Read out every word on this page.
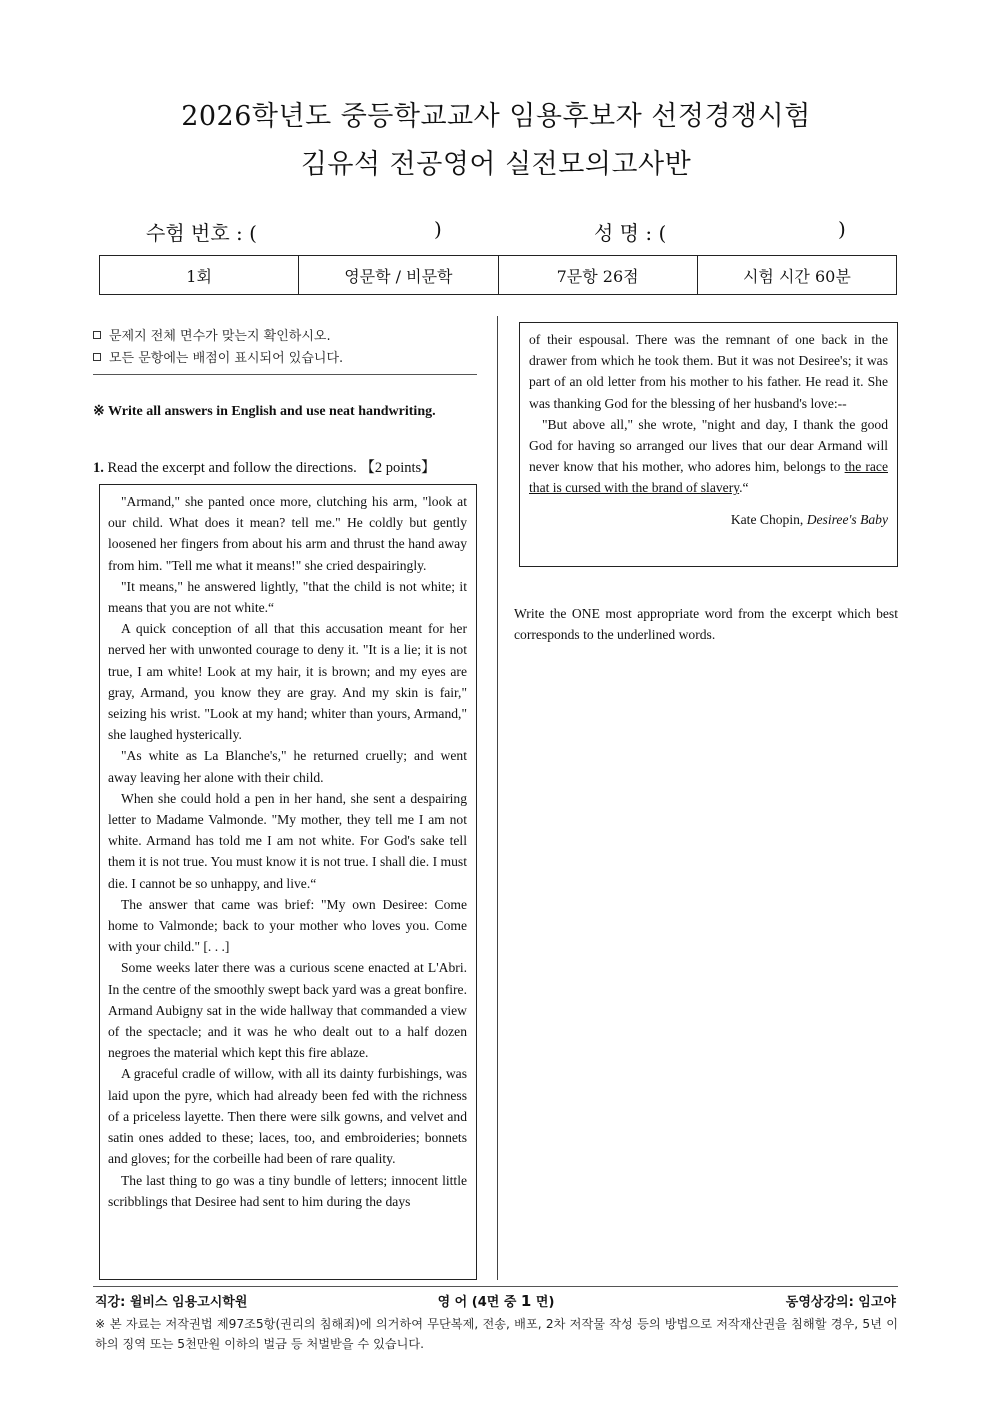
2026학년도 중등학교교사 임용후보자 선정경쟁시험
김유석 전공영어 실전모의고사반
수험 번호 : (	)	성 명 : (	)
1회	영문학 / 비문학	7문항 26점	시험 시간 60분
문제지 전체 면수가 맞는지 확인하시오.
모든 문항에는 배점이 표시되어 있습니다.
※ Write all answers in English and use neat handwriting.
1. Read the excerpt and follow the directions. 【2 points】

"Armand," she panted once more, clutching his arm, "look at our child. What does it mean? tell me." He coldly but gently loosened her fingers from about his arm and thrust the hand away from him. "Tell me what it means!" she cried despairingly.

"It means," he answered lightly, "that the child is not white; it means that you are not white.“

A quick conception of all that this accusation meant for her nerved her with unwonted courage to deny it. "It is a lie; it is not true, I am white! Look at my hair, it is brown; and my eyes are gray, Armand, you know they are gray. And my skin is fair," seizing his wrist. "Look at my hand; whiter than yours, Armand," she laughed hysterically.

"As white as La Blanche's," he returned cruelly; and went away leaving her alone with their child.

When she could hold a pen in her hand, she sent a despairing letter to Madame Valmonde. "My mother, they tell me I am not white. Armand has told me I am not white. For God's sake tell them it is not true. You must know it is not true. I shall die. I must die. I cannot be so unhappy, and live.“

The answer that came was brief: "My own Desiree: Come home to Valmonde; back to your mother who loves you. Come with your child." [. . .]

Some weeks later there was a curious scene enacted at L'Abri. In the centre of the smoothly swept back yard was a great bonfire. Armand Aubigny sat in the wide hallway that commanded a view of the spectacle; and it was he who dealt out to a half dozen negroes the material which kept this fire ablaze.

A graceful cradle of willow, with all its dainty furbishings, was laid upon the pyre, which had already been fed with the richness of a priceless layette. Then there were silk gowns, and velvet and satin ones added to these; laces, too, and embroideries; bonnets and gloves; for the corbeille had been of rare quality.

The last thing to go was a tiny bundle of letters; innocent little scribblings that Desiree had sent to him during the days

of their espousal. There was the remnant of one back in the drawer from which he took them. But it was not Desiree's; it was part of an old letter from his mother to his father. He read it. She was thanking God for the blessing of her husband's love:--

"But above all," she wrote, "night and day, I thank the good God for having so arranged our lives that our dear Armand will never know that his mother, who adores him, belongs to the race that is cursed with the brand of slavery.“

Kate Chopin, Desiree's Baby
Write the ONE most appropriate word from the excerpt which best corresponds to the underlined words.
직강: 윌비스 임용고시학원	영 어 (4면 중 1 면)	동영상강의: 임고야
※ 본 자료는 저작권법 제97조5항(권리의 침해죄)에 의거하여 무단복제, 전송, 배포, 2차 저작물 작성 등의 방법으로 저작재산권을 침해할 경우, 5년 이하의 징역 또는 5천만원 이하의 벌금 등 처벌받을 수 있습니다.
